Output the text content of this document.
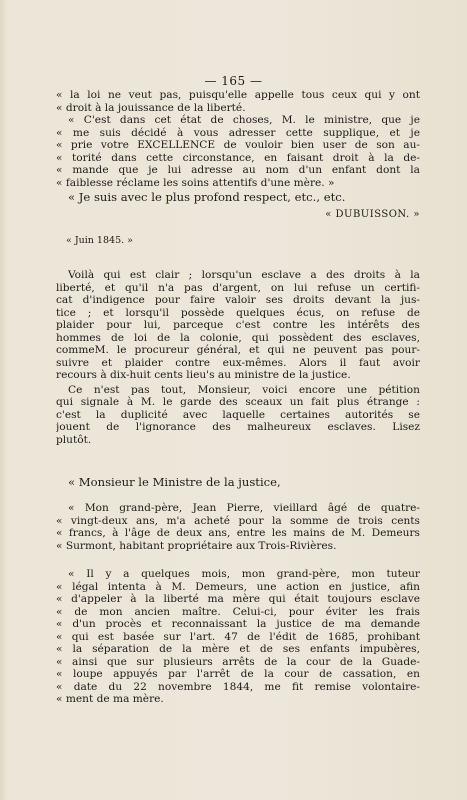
— 165 —
« la loi ne veut pas, puisqu'elle appelle tous ceux qui y ont
« droit à la jouissance de la liberté.
« C'est dans cet état de choses, M. le ministre, que je
« me suis décidé à vous adresser cette supplique, et je
« prie votre EXCELLENCE de vouloir bien user de son au-
« torité dans cette circonstance, en faisant droit à la de-
« mande que je lui adresse au nom d'un enfant dont la
« faiblesse réclame les soins attentifs d'une mère. »
« Je suis avec le plus profond respect, etc., etc.
« DUBUISSON. »
« Juin 1845. »
Voilà qui est clair ; lorsqu'un esclave a des droits à la
liberté, et qu'il n'a pas d'argent, on lui refuse un certifi-
cat d'indigence pour faire valoir ses droits devant la jus-
tice ; et lorsqu'il possède quelques écus, on refuse de
plaider pour lui, parceque c'est contre les intérêts des
hommes de loi de la colonie, qui possèdent des esclaves,
commeM. le procureur général, et qui ne peuvent pas pour-
suivre et plaider contre eux-mêmes. Alors il faut avoir
recours à dix-huit cents lieu's au ministre de la justice.
Ce n'est pas tout, Monsieur, voici encore une pétition
qui signale à M. le garde des sceaux un fait plus étrange :
c'est la duplicité avec laquelle certaines autorités se
jouent de l'ignorance des malheureux esclaves. Lisez
plutôt.
« Monsieur le Ministre de la justice,
« Mon grand-père, Jean Pierre, vieillard âgé de quatre-
« vingt-deux ans, m'a acheté pour la somme de trois cents
« francs, à l'âge de deux ans, entre les mains de M. Demeurs
« Surmont, habitant propriétaire aux Trois-Rivières.
« Il y a quelques mois, mon grand-père, mon tuteur
« légal intenta à M. Demeurs, une action en justice, afin
« d'appeler à la liberté ma mère qui était toujours esclave
« de mon ancien maître. Celui-ci, pour éviter les frais
« d'un procès et reconnaissant la justice de ma demande
« qui est basée sur l'art. 47 de l'édit de 1685, prohibant
« la séparation de la mère et de ses enfants impubères,
« ainsi que sur plusieurs arrêts de la cour de la Guade-
« loupe appuyés par l'arrêt de la cour de cassation, en
« date du 22 novembre 1844, me fit remise volontaire-
« ment de ma mère.
